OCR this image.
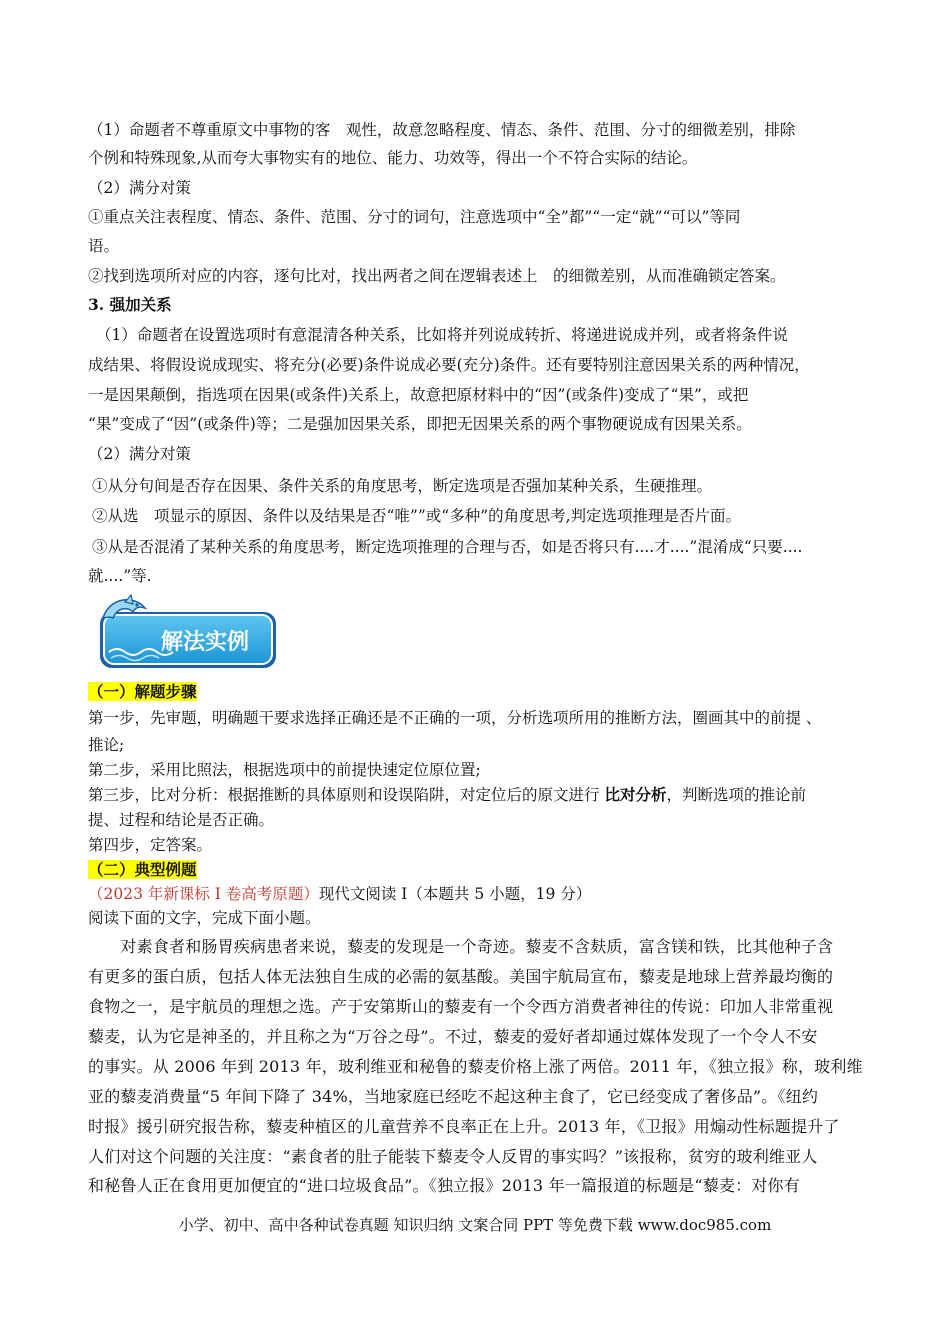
（1）命题者不尊重原文中事物的客　观性，故意忽略程度、情态、条件、范围、分寸的细微差别，排除
个例和特殊现象,从而夸大事物实有的地位、能力、功效等，得出一个不符合实际的结论。
（2）满分对策
①重点关注表程度、情态、条件、范围、分寸的词句，注意选项中“全”都”“一定“就”“可以”等同
语。
②找到选项所对应的内容，逐句比对，找出两者之间在逻辑表述上　的细微差别，从而准确锁定答案。
3. 强加关系
（1）命题者在设置选项时有意混清各种关系，比如将并列说成转折、将递进说成并列，或者将条件说
成结果、将假设说成现实、将充分(必要)条件说成必要(充分)条件。还有要特别注意因果关系的两种情况，
一是因果颠倒，指选项在因果(或条件)关系上，故意把原材料中的“因”(或条件)变成了“果”，或把
“果”变成了“因”(或条件)等；二是强加因果关系，即把无因果关系的两个事物硬说成有因果关系。
（2）满分对策
①从分句间是否存在因果、条件关系的角度思考，断定选项是否强加某种关系，生硬推理。
②从选　项显示的原因、条件以及结果是否“唯””或“多种”的角度思考,判定选项推理是否片面。
③从是否混淆了某种关系的角度思考，断定选项推理的合理与否，如是否将只有....才....”混淆成“只要....
就....”等.
解法实例
（一）解题步骤
第一步，先审题，明确题干要求选择正确还是不正确的一项，分析选项所用的推断方法，圈画其中的前提 、
推论;
第二步，采用比照法，根据选项中的前提快速定位原位置;
第三步，比对分析：根据推断的具体原则和设误陷阱，对定位后的原文进行 比对分析，判断选项的推论前
提、过程和结论是否正确。
第四步，定答案。
（二）典型例题
（2023 年新课标 I 卷高考原题）现代文阅读 I（本题共 5 小题，19 分）
阅读下面的文字，完成下面小题。
　　对素食者和肠胃疾病患者来说，藜麦的发现是一个奇迹。藜麦不含麸质，富含镁和铁，比其他种子含
有更多的蛋白质，包括人体无法独自生成的必需的氨基酸。美国宇航局宣布，藜麦是地球上营养最均衡的
食物之一，是宇航员的理想之选。产于安第斯山的藜麦有一个令西方消费者神往的传说：印加人非常重视
藜麦，认为它是神圣的，并且称之为“万谷之母”。不过，藜麦的爱好者却通过媒体发现了一个令人不安
的事实。从 2006 年到 2013 年，玻利维亚和秘鲁的藜麦价格上涨了两倍。2011 年，《独立报》称，玻利维
亚的藜麦消费量“5 年间下降了 34%，当地家庭已经吃不起这种主食了，它已经变成了奢侈品”。《纽约
时报》援引研究报告称，藜麦种植区的儿童营养不良率正在上升。2013 年，《卫报》用煽动性标题提升了
人们对这个问题的关注度：“素食者的肚子能装下藜麦令人反胃的事实吗？”该报称，贫穷的玻利维亚人
和秘鲁人正在食用更加便宜的“进口垃圾食品”。《独立报》2013 年一篇报道的标题是“藜麦：对你有
小学、初中、高中各种试卷真题 知识归纳 文案合同 PPT 等免费下载 www.doc985.com
